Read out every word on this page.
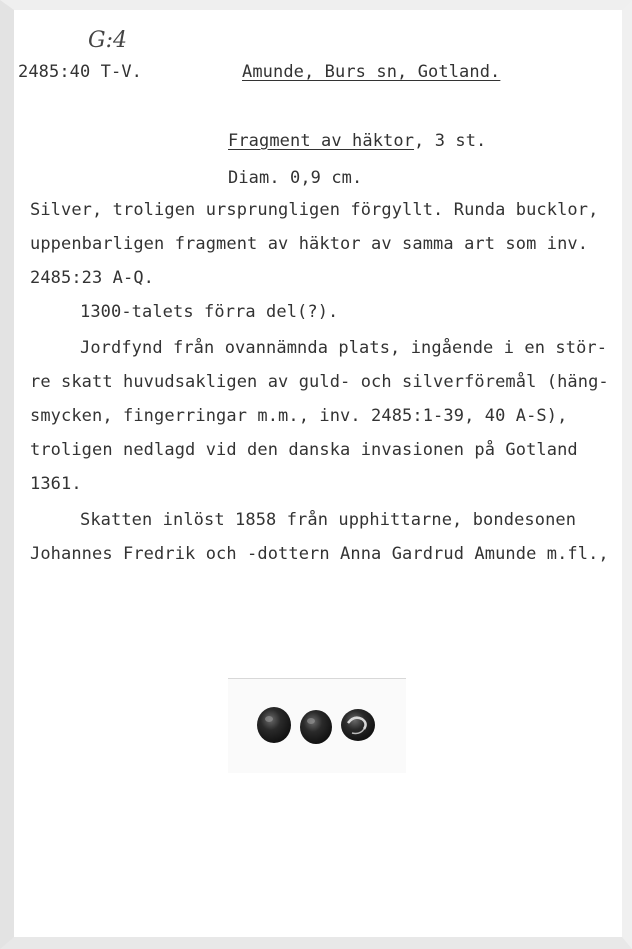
G:4
2485:40 T-V.	Amunde, Burs sn, Gotland.
Fragment av häktor, 3 st.
Diam. 0,9 cm.
Silver, troligen ursprungligen förgyllt. Runda bucklor,
uppenbarligen fragment av häktor av samma art som inv.
2485:23 A-Q.
1300-talets förra del(?).
Jordfynd från ovannämnda plats, ingående i en stör-
re skatt huvudsakligen av guld- och silverföremål (häng-
smycken, fingerringar m.m., inv. 2485:1-39, 40 A-S),
troligen nedlagd vid den danska invasionen på Gotland
1361.
Skatten inlöst 1858 från upphittarne, bondesonen
Johannes Fredrik och -dottern Anna Gardrud Amunde m.fl.,
